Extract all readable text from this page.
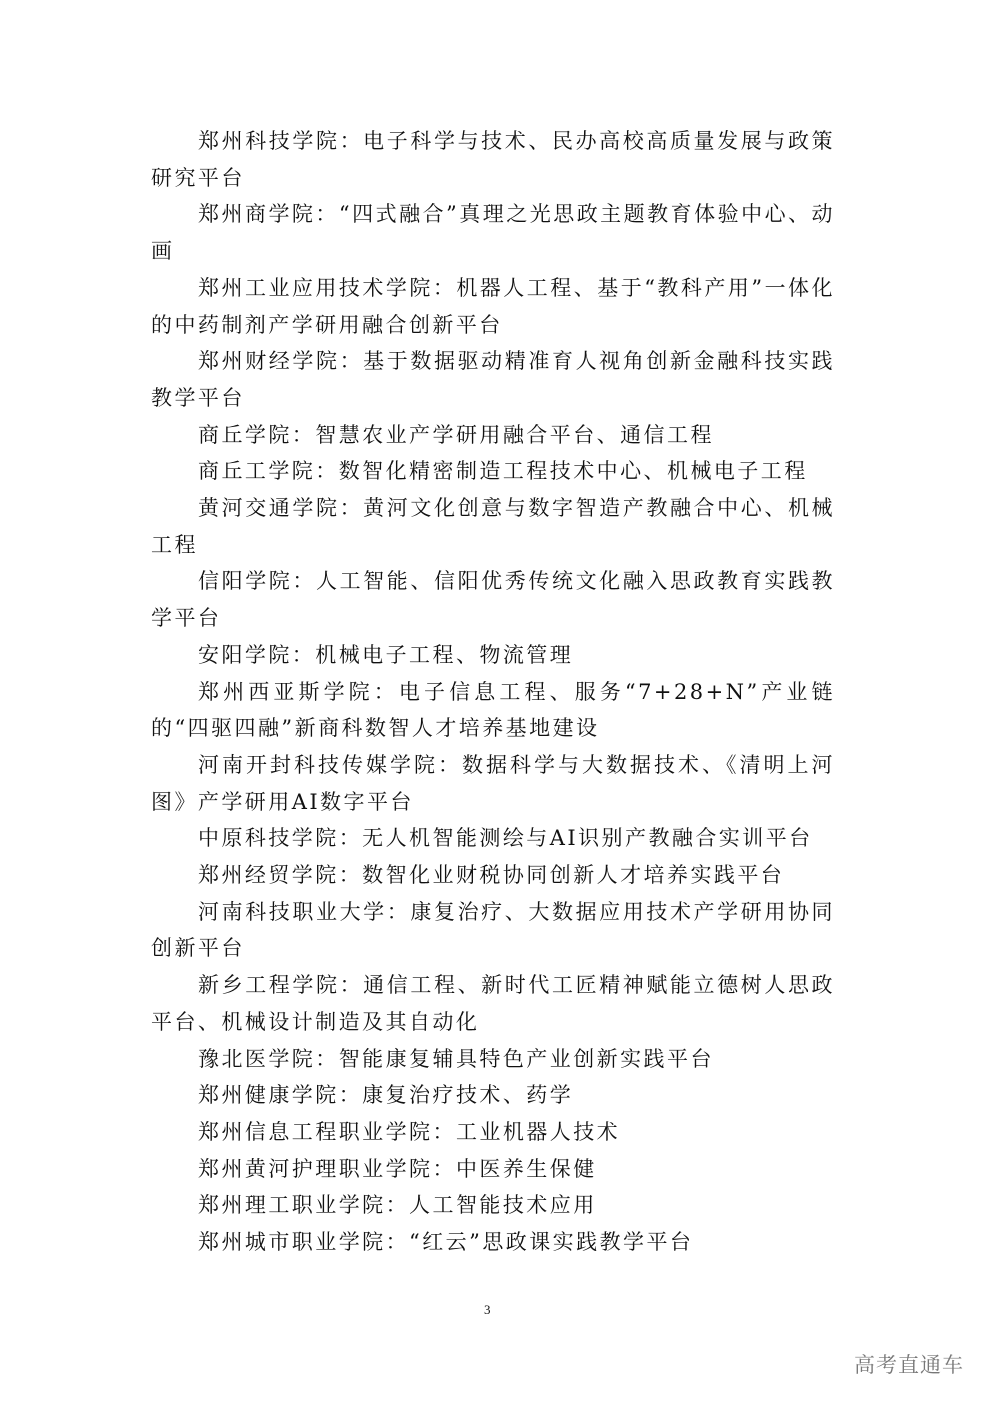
郑州科技学院：电子科学与技术、民办高校高质量发展与政策研究平台

郑州商学院：“四式融合”真理之光思政主题教育体验中心、动画

郑州工业应用技术学院：机器人工程、基于“教科产用”一体化的中药制剂产学研用融合创新平台

郑州财经学院：基于数据驱动精准育人视角创新金融科技实践教学平台

商丘学院：智慧农业产学研用融合平台、通信工程

商丘工学院：数智化精密制造工程技术中心、机械电子工程

黄河交通学院：黄河文化创意与数字智造产教融合中心、机械工程

信阳学院：人工智能、信阳优秀传统文化融入思政教育实践教学平台

安阳学院：机械电子工程、物流管理

郑州西亚斯学院：电子信息工程、服务“7+28+N”产业链的“四驱四融”新商科数智人才培养基地建设

河南开封科技传媒学院：数据科学与大数据技术、《清明上河图》产学研用AI数字平台

中原科技学院：无人机智能测绘与AI识别产教融合实训平台

郑州经贸学院：数智化业财税协同创新人才培养实践平台

河南科技职业大学：康复治疗、大数据应用技术产学研用协同创新平台

新乡工程学院：通信工程、新时代工匠精神赋能立德树人思政平台、机械设计制造及其自动化

豫北医学院：智能康复辅具特色产业创新实践平台

郑州健康学院：康复治疗技术、药学

郑州信息工程职业学院：工业机器人技术

郑州黄河护理职业学院：中医养生保健

郑州理工职业学院：人工智能技术应用

郑州城市职业学院：“红云”思政课实践教学平台

3
高考直通车
